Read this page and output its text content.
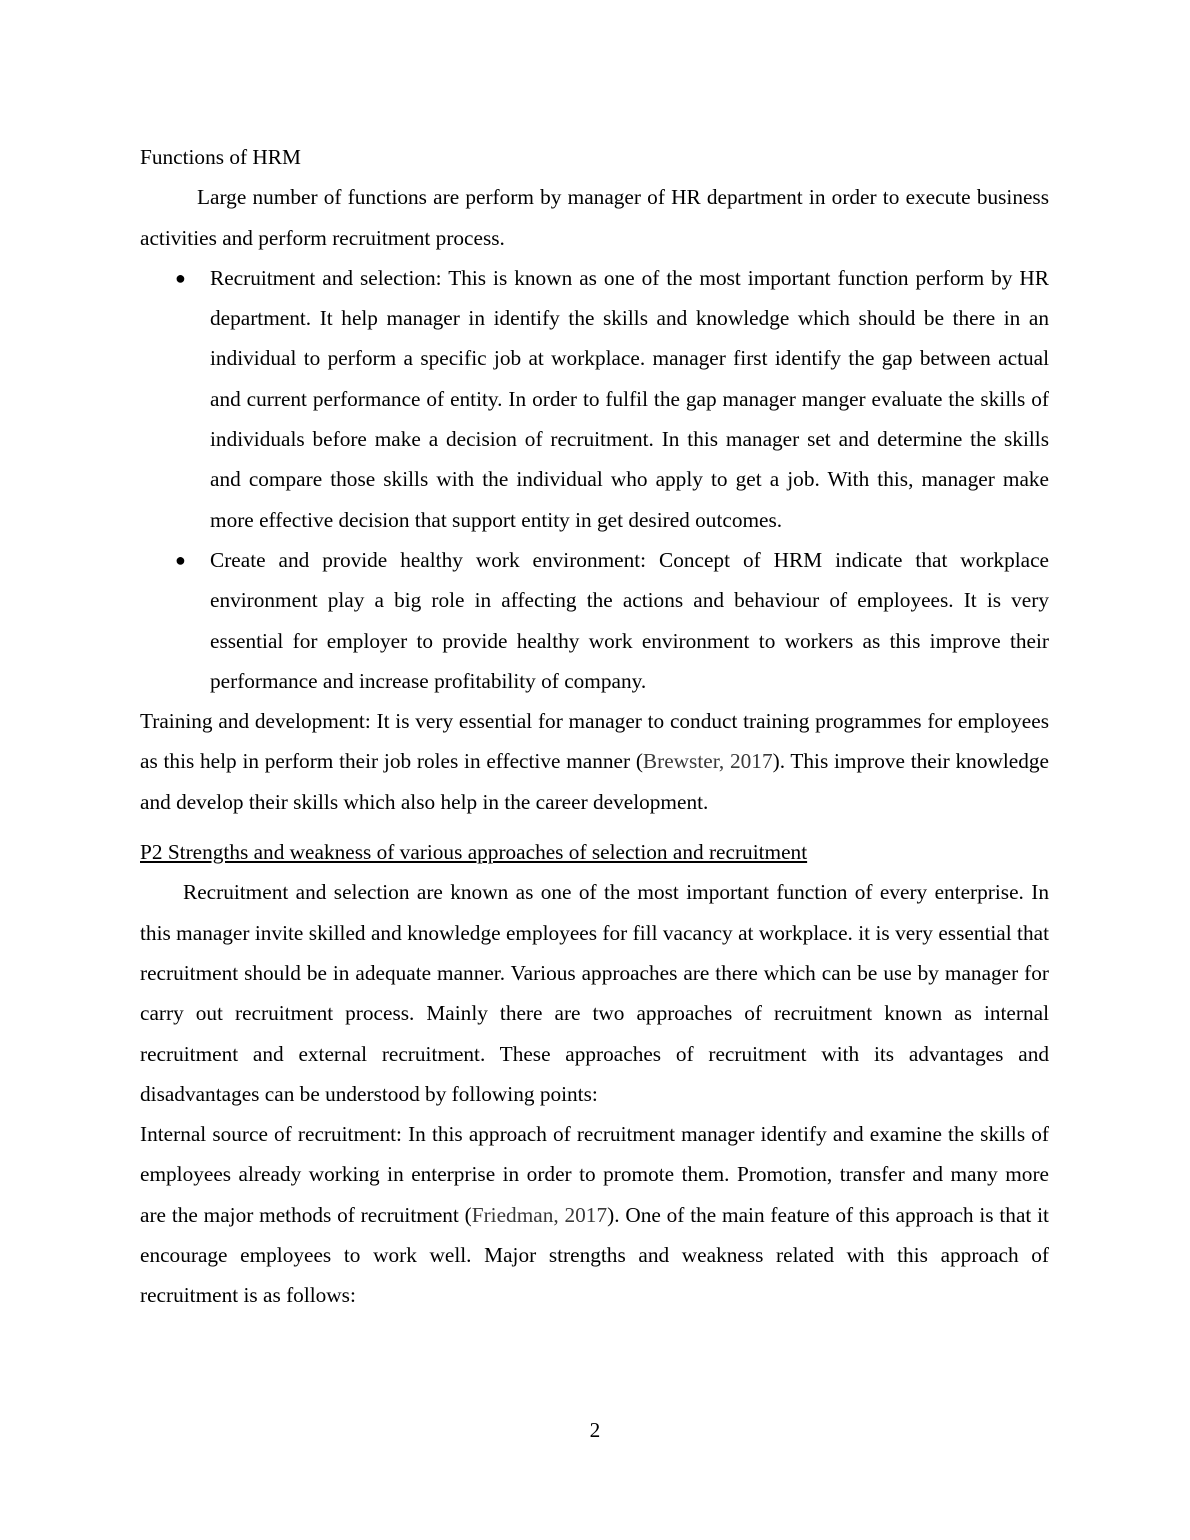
Functions of HRM

Large number of functions are perform by manager of HR department in order to execute business activities and perform recruitment process.

● Recruitment and selection: This is known as one of the most important function perform by HR department. It help manager in identify the skills and knowledge which should be there in an individual to perform a specific job at workplace. manager first identify the gap between actual and current performance of entity. In order to fulfil the gap manager manger evaluate the skills of individuals before make a decision of recruitment. In this manager set and determine the skills and compare those skills with the individual who apply to get a job. With this, manager make more effective decision that support entity in get desired outcomes.
● Create and provide healthy work environment: Concept of HRM indicate that workplace environment play a big role in affecting the actions and behaviour of employees. It is very essential for employer to provide healthy work environment to workers as this improve their performance and increase profitability of company.

Training and development: It is very essential for manager to conduct training programmes for employees as this help in perform their job roles in effective manner (Brewster, 2017). This improve their knowledge and develop their skills which also help in the career development.

P2 Strengths and weakness of various approaches of selection and recruitment

Recruitment and selection are known as one of the most important function of every enterprise. In this manager invite skilled and knowledge employees for fill vacancy at workplace. it is very essential that recruitment should be in adequate manner. Various approaches are there which can be use by manager for carry out recruitment process. Mainly there are two approaches of recruitment known as internal recruitment and external recruitment. These approaches of recruitment with its advantages and disadvantages can be understood by following points:

Internal source of recruitment: In this approach of recruitment manager identify and examine the skills of employees already working in enterprise in order to promote them. Promotion, transfer and many more are the major methods of recruitment (Friedman, 2017). One of the main feature of this approach is that it encourage employees to work well. Major strengths and weakness related with this approach of recruitment is as follows:

2
